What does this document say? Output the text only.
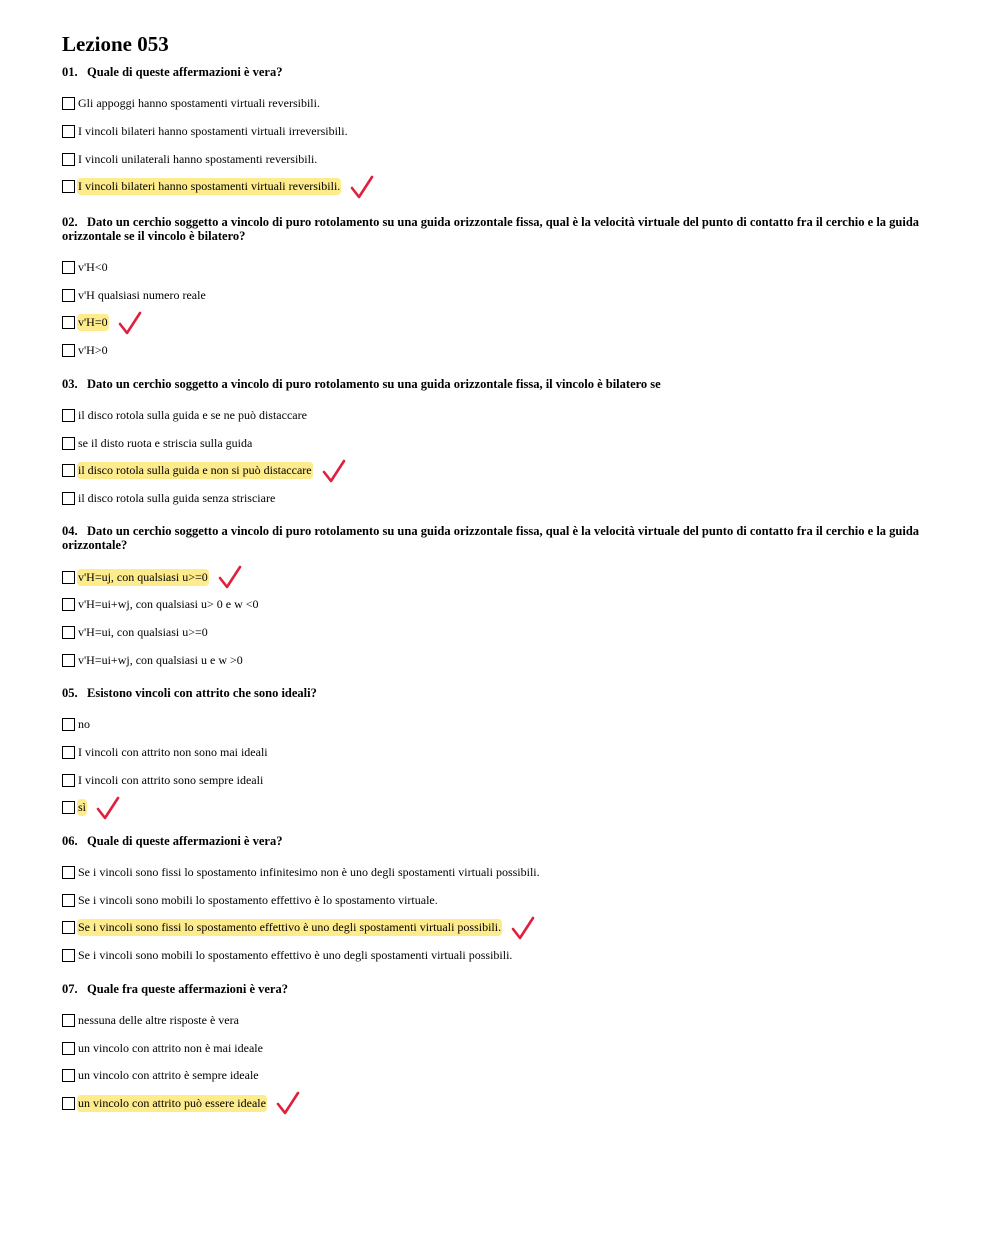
Lezione 053
01. Quale di queste affermazioni è vera?
Gli appoggi hanno spostamenti virtuali reversibili.
I vincoli bilateri hanno spostamenti virtuali irreversibili.
I vincoli unilaterali hanno spostamenti reversibili.
I vincoli bilateri hanno spostamenti virtuali reversibili.
02. Dato un cerchio soggetto a vincolo di puro rotolamento su una guida orizzontale fissa, qual è la velocità virtuale del punto di contatto fra il cerchio e la guida orizzontale se il vincolo è bilatero?
v'H<0
v'H qualsiasi numero reale
v'H=0
v'H>0
03. Dato un cerchio soggetto a vincolo di puro rotolamento su una guida orizzontale fissa, il vincolo è bilatero se
il disco rotola sulla guida e se ne può distaccare
se il disto ruota e striscia sulla guida
il disco rotola sulla guida e non si può distaccare
il disco rotola sulla guida senza strisciare
04. Dato un cerchio soggetto a vincolo di puro rotolamento su una guida orizzontale fissa, qual è la velocità virtuale del punto di contatto fra il cerchio e la guida orizzontale?
v'H=uj, con qualsiasi u>=0
v'H=ui+wj, con qualsiasi u> 0 e w <0
v'H=ui, con qualsiasi u>=0
v'H=ui+wj, con qualsiasi u e w >0
05. Esistono vincoli con attrito che sono ideali?
no
I vincoli con attrito non sono mai ideali
I vincoli con attrito sono sempre ideali
sì
06. Quale di queste affermazioni è vera?
Se i vincoli sono fissi lo spostamento infinitesimo non è uno degli spostamenti virtuali possibili.
Se i vincoli sono mobili lo spostamento effettivo è lo spostamento virtuale.
Se i vincoli sono fissi lo spostamento effettivo è uno degli spostamenti virtuali possibili.
Se i vincoli sono mobili lo spostamento effettivo è uno degli spostamenti virtuali possibili.
07. Quale fra queste affermazioni è vera?
nessuna delle altre risposte è vera
un vincolo con attrito non è mai ideale
un vincolo con attrito è sempre ideale
un vincolo con attrito può essere ideale
